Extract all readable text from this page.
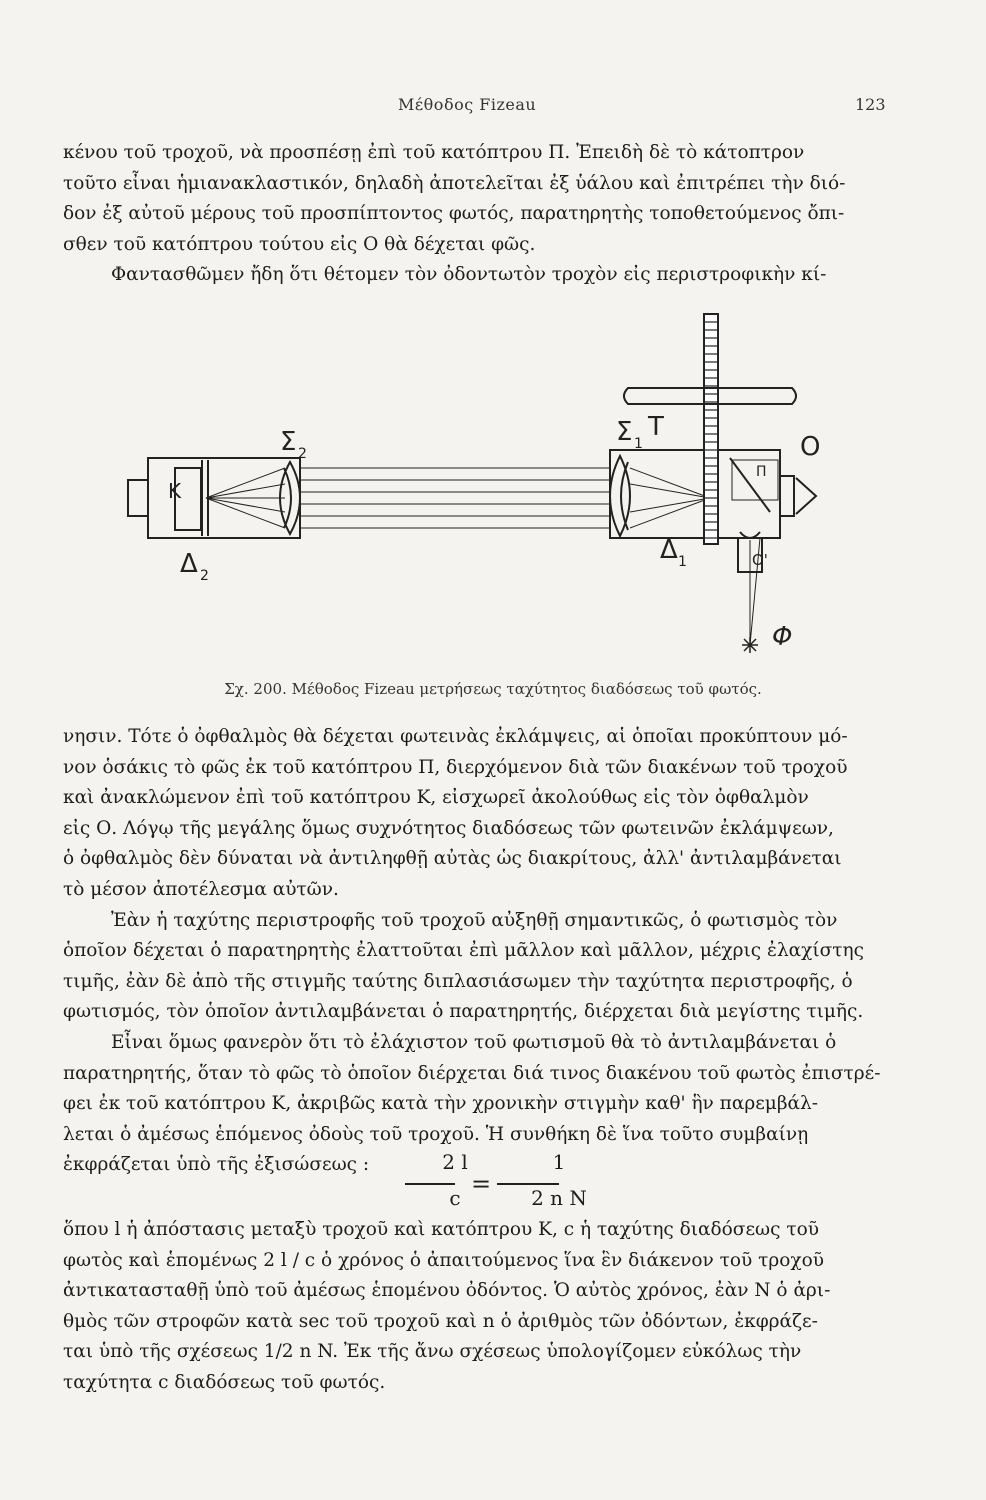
Μέθοδος Fizeau	123
κένου τοῦ τροχοῦ, νὰ προσπέσῃ ἐπὶ τοῦ κατόπτρου Π. Ἐπειδὴ δὲ τὸ κάτοπτρον
τοῦτο εἶναι ἡμιανακλαστικόν, δηλαδὴ ἀποτελεῖται ἐξ ὑάλου καὶ ἐπιτρέπει τὴν διό-
δον ἐξ αὐτοῦ μέρους τοῦ προσπίπτοντος φωτός, παρατηρητὴς τοποθετούμενος ὄπι-
σθεν τοῦ κατόπτρου τούτου εἰς Ο θὰ δέχεται φῶς.
Φαντασθῶμεν ἤδη ὅτι θέτομεν τὸν ὀδοντωτὸν τροχὸν εἰς περιστροφικὴν κί-
Σ 2
Σ 1
Τ
Κ
Δ 2
Δ 1
Ο
Π
Ο'
Φ
Σχ. 200. Μέθοδος Fizeau μετρήσεως ταχύτητος διαδόσεως τοῦ φωτός.
νησιν. Τότε ὁ ὀφθαλμὸς θὰ δέχεται φωτεινὰς ἐκλάμψεις, αἱ ὁποῖαι προκύπτουν μό-
νον ὁσάκις τὸ φῶς ἐκ τοῦ κατόπτρου Π, διερχόμενον διὰ τῶν διακένων τοῦ τροχοῦ
καὶ ἀνακλώμενον ἐπὶ τοῦ κατόπτρου Κ, εἰσχωρεῖ ἀκολούθως εἰς τὸν ὀφθαλμὸν
εἰς Ο. Λόγῳ τῆς μεγάλης ὅμως συχνότητος διαδόσεως τῶν φωτεινῶν ἐκλάμψεων,
ὁ ὀφθαλμὸς δὲν δύναται νὰ ἀντιληφθῇ αὐτὰς ὡς διακρίτους, ἀλλ' ἀντιλαμβάνεται
τὸ μέσον ἀποτέλεσμα αὐτῶν.
Ἐὰν ἡ ταχύτης περιστροφῆς τοῦ τροχοῦ αὐξηθῇ σημαντικῶς, ὁ φωτισμὸς τὸν
ὁποῖον δέχεται ὁ παρατηρητὴς ἐλαττοῦται ἐπὶ μᾶλλον καὶ μᾶλλον, μέχρις ἐλαχίστης
τιμῆς, ἐὰν δὲ ἀπὸ τῆς στιγμῆς ταύτης διπλασιάσωμεν τὴν ταχύτητα περιστροφῆς, ὁ
φωτισμός, τὸν ὁποῖον ἀντιλαμβάνεται ὁ παρατηρητής, διέρχεται διὰ μεγίστης τιμῆς.
Εἶναι ὅμως φανερὸν ὅτι τὸ ἐλάχιστον τοῦ φωτισμοῦ θὰ τὸ ἀντιλαμβάνεται ὁ
παρατηρητής, ὅταν τὸ φῶς τὸ ὁποῖον διέρχεται διά τινος διακένου τοῦ φωτὸς ἐπιστρέ-
φει ἐκ τοῦ κατόπτρου Κ, ἀκριβῶς κατὰ τὴν χρονικὴν στιγμὴν καθ' ἣν παρεμβάλ-
λεται ὁ ἀμέσως ἑπόμενος ὀδοὺς τοῦ τροχοῦ. Ἡ συνθήκη δὲ ἵνα τοῦτο συμβαίνῃ
ἐκφράζεται ὑπὸ τῆς ἐξισώσεως :
ὅπου l ἡ ἀπόστασις μεταξὺ τροχοῦ καὶ κατόπτρου Κ, c ἡ ταχύτης διαδόσεως τοῦ
φωτὸς καὶ ἑπομένως 2 l / c ὁ χρόνος ὁ ἀπαιτούμενος ἵνα ἓν διάκενον τοῦ τροχοῦ
ἀντικατασταθῇ ὑπὸ τοῦ ἀμέσως ἑπομένου ὀδόντος. Ὁ αὐτὸς χρόνος, ἐὰν Ν ὁ ἀρι-
θμὸς τῶν στροφῶν κατὰ sec τοῦ τροχοῦ καὶ n ὁ ἀριθμὸς τῶν ὀδόντων, ἐκφράζε-
ται ὑπὸ τῆς σχέσεως 1/2 n N. Ἐκ τῆς ἄνω σχέσεως ὑπολογίζομεν εὐκόλως τὴν
ταχύτητα c διαδόσεως τοῦ φωτός.
2 l
c =
1
2 n N
